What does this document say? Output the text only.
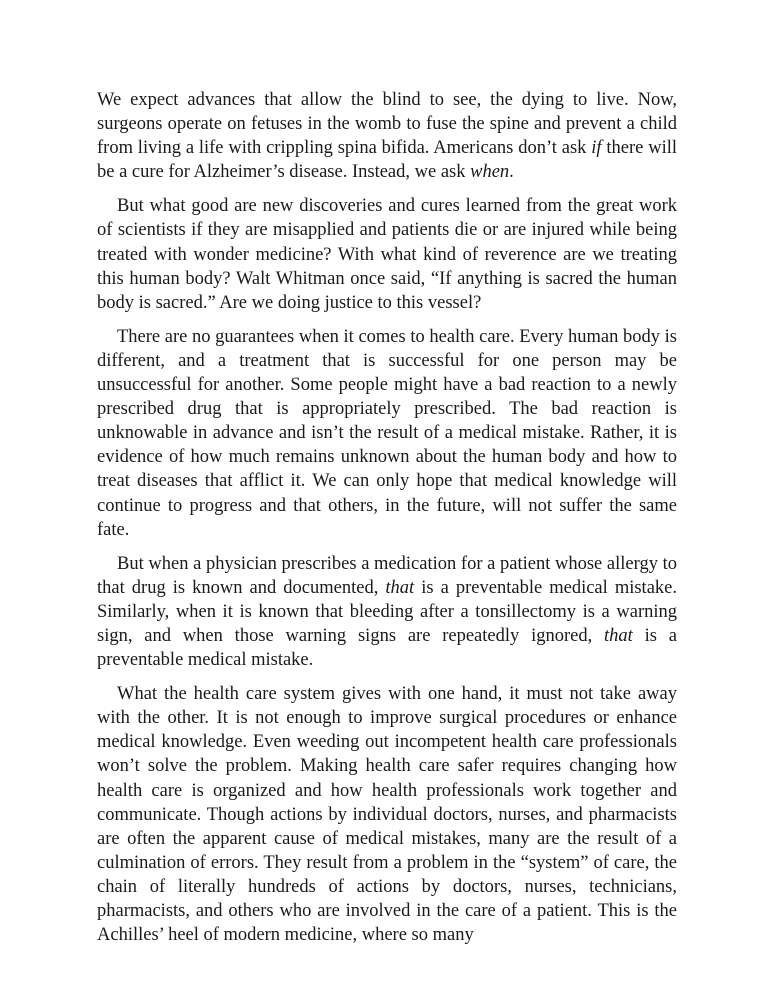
We expect advances that allow the blind to see, the dying to live. Now, surgeons operate on fetuses in the womb to fuse the spine and prevent a child from living a life with crippling spina bifida. Americans don’t ask if there will be a cure for Alzheimer’s disease. Instead, we ask when.

But what good are new discoveries and cures learned from the great work of scientists if they are misapplied and patients die or are injured while being treated with wonder medicine? With what kind of reverence are we treating this human body? Walt Whitman once said, “If anything is sacred the human body is sacred.” Are we doing justice to this vessel?

There are no guarantees when it comes to health care. Every human body is different, and a treatment that is successful for one person may be unsuccessful for another. Some people might have a bad reaction to a newly prescribed drug that is appropriately prescribed. The bad reaction is unknowable in advance and isn’t the result of a medical mistake. Rather, it is evidence of how much remains unknown about the human body and how to treat diseases that afflict it. We can only hope that medical knowledge will continue to progress and that others, in the future, will not suffer the same fate.

But when a physician prescribes a medication for a patient whose allergy to that drug is known and documented, that is a preventable medical mistake. Similarly, when it is known that bleeding after a tonsillectomy is a warning sign, and when those warning signs are repeatedly ignored, that is a preventable medical mistake.

What the health care system gives with one hand, it must not take away with the other. It is not enough to improve surgical procedures or enhance medical knowledge. Even weeding out incompetent health care professionals won’t solve the problem. Making health care safer requires changing how health care is organized and how health professionals work together and communicate. Though actions by individual doctors, nurses, and pharmacists are often the apparent cause of medical mistakes, many are the result of a culmination of errors. They result from a problem in the “system” of care, the chain of literally hundreds of actions by doctors, nurses, technicians, pharmacists, and others who are involved in the care of a patient. This is the Achilles’ heel of modern medicine, where so many
